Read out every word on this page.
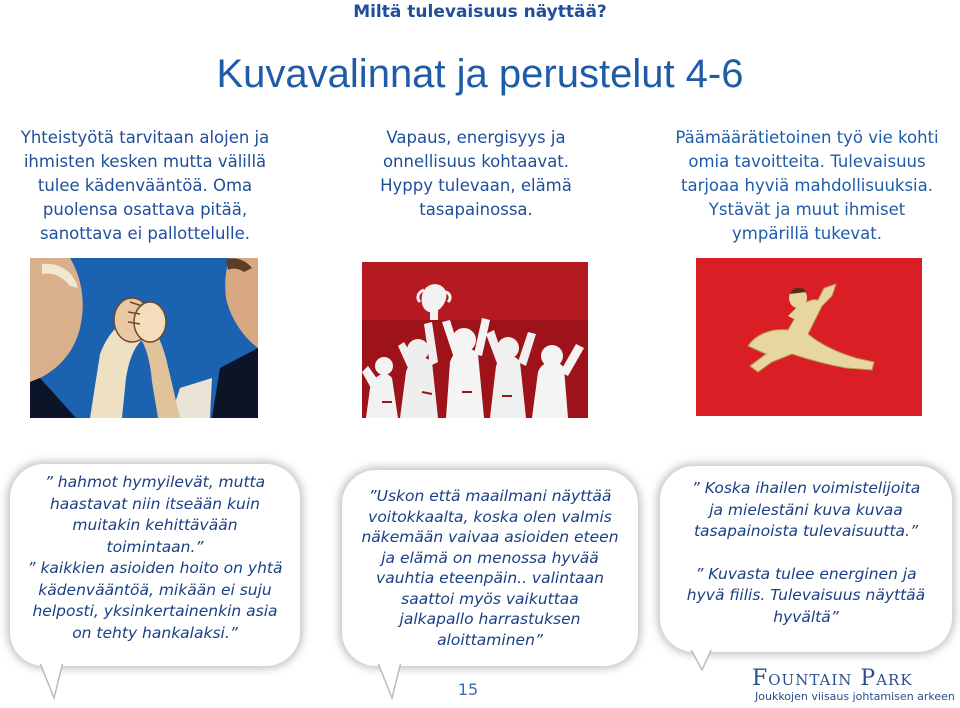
Miltä tulevaisuus näyttää?
Kuvavalinnat ja perustelut 4-6
Yhteistyötä tarvitaan alojen ja
ihmisten kesken mutta välillä
tulee kädenvääntöä. Oma
puolensa osattava pitää,
sanottava ei pallottelulle.
Vapaus, energisyys ja
onnellisuus kohtaavat.
Hyppy tulevaan, elämä
tasapainossa.
Päämäärätietoinen työ vie kohti
omia tavoitteita. Tulevaisuus
tarjoaa hyviä mahdollisuuksia.
Ystävät ja muut ihmiset
ympärillä tukevat.

” hahmot hymyilevät, mutta

haastavat niin itseään kuin

muitakin kehittävään

toimintaan.”

” kaikkien asioiden hoito on yhtä

kädenvääntöä, mikään ei suju

helposti, yksinkertainenkin asia

on tehty hankalaksi.”

”Uskon että maailmani näyttää

voitokkaalta, koska olen valmis

näkemään vaivaa asioiden eteen

ja elämä on menossa hyvää

vauhtia eteenpäin.. valintaan

saattoi myös vaikuttaa

jalkapallo harrastuksen

aloittaminen”

” Koska ihailen voimistelijoita

ja mielestäni kuva kuvaa

tasapainoista tulevaisuutta.”

” Kuvasta tulee energinen ja

hyvä fiilis. Tulevaisuus näyttää

hyvältä”

15	Fountain Park
Joukkojen viisaus johtamisen arkeen
